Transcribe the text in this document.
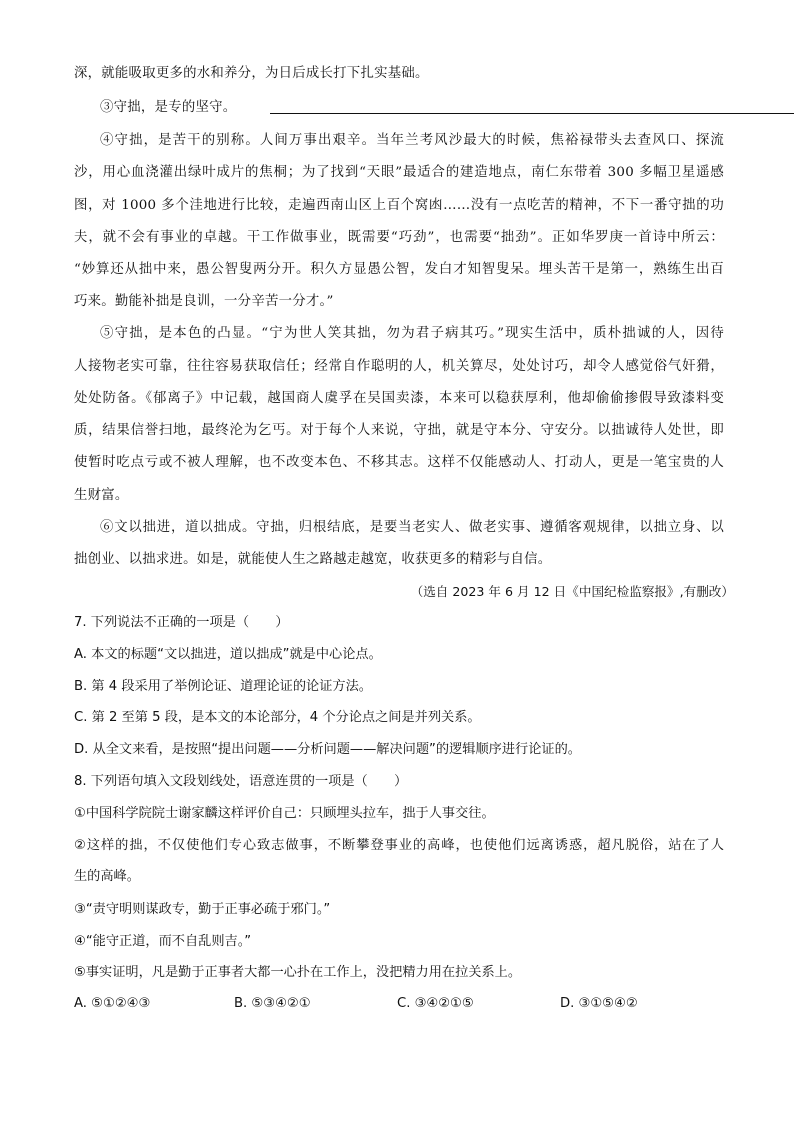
深，就能吸取更多的水和养分，为日后成长打下扎实基础。
③守拙，是专的坚守。
④守拙，是苦干的别称。人间万事出艰辛。当年兰考风沙最大的时候，焦裕禄带头去查风口、探流
沙，用心血浇灌出绿叶成片的焦桐；为了找到“天眼”最适合的建造地点，南仁东带着 300 多幅卫星遥感
图，对 1000 多个洼地进行比较，走遍西南山区上百个窝凼……没有一点吃苦的精神，不下一番守拙的功
夫，就不会有事业的卓越。干工作做事业，既需要“巧劲”，也需要“拙劲”。正如华罗庚一首诗中所云：
“妙算还从拙中来，愚公智叟两分开。积久方显愚公智，发白才知智叟呆。埋头苦干是第一，熟练生出百
巧来。勤能补拙是良训，一分辛苦一分才。”
⑤守拙，是本色的凸显。“宁为世人笑其拙，勿为君子病其巧。”现实生活中，质朴拙诚的人，因待
人接物老实可靠，往往容易获取信任；经常自作聪明的人，机关算尽，处处讨巧，却令人感觉俗气奸猾，
处处防备。《郁离子》中记载，越国商人虞孚在吴国卖漆，本来可以稳获厚利，他却偷偷掺假导致漆料变
质，结果信誉扫地，最终沦为乞丐。对于每个人来说，守拙，就是守本分、守安分。以拙诚待人处世，即
使暂时吃点亏或不被人理解，也不改变本色、不移其志。这样不仅能感动人、打动人，更是一笔宝贵的人
生财富。
⑥文以拙进，道以拙成。守拙，归根结底，是要当老实人、做老实事、遵循客观规律，以拙立身、以
拙创业、以拙求进。如是，就能使人生之路越走越宽，收获更多的精彩与自信。
（选自 2023 年 6 月 12 日《中国纪检监察报》,有删改）
7. 下列说法不正确的一项是（　　）
A. 本文的标题“文以拙进，道以拙成”就是中心论点。
B. 第 4 段采用了举例论证、道理论证的论证方法。
C. 第 2 至第 5 段，是本文的本论部分，4 个分论点之间是并列关系。
D. 从全文来看，是按照“提出问题——分析问题——解决问题”的逻辑顺序进行论证的。
8. 下列语句填入文段划线处，语意连贯的一项是（　　）
①中国科学院院士谢家麟这样评价自己：只顾埋头拉车，拙于人事交往。
②这样的拙，不仅使他们专心致志做事，不断攀登事业的高峰，也使他们远离诱惑，超凡脱俗，站在了人
生的高峰。
③“责守明则谋政专，勤于正事必疏于邪门。”
④“能守正道，而不自乱则吉。”
⑤事实证明，凡是勤于正事者大都一心扑在工作上，没把精力用在拉关系上。
A. ⑤①②④③	B. ⑤③④②①	C. ③④②①⑤	D. ③①⑤④②
